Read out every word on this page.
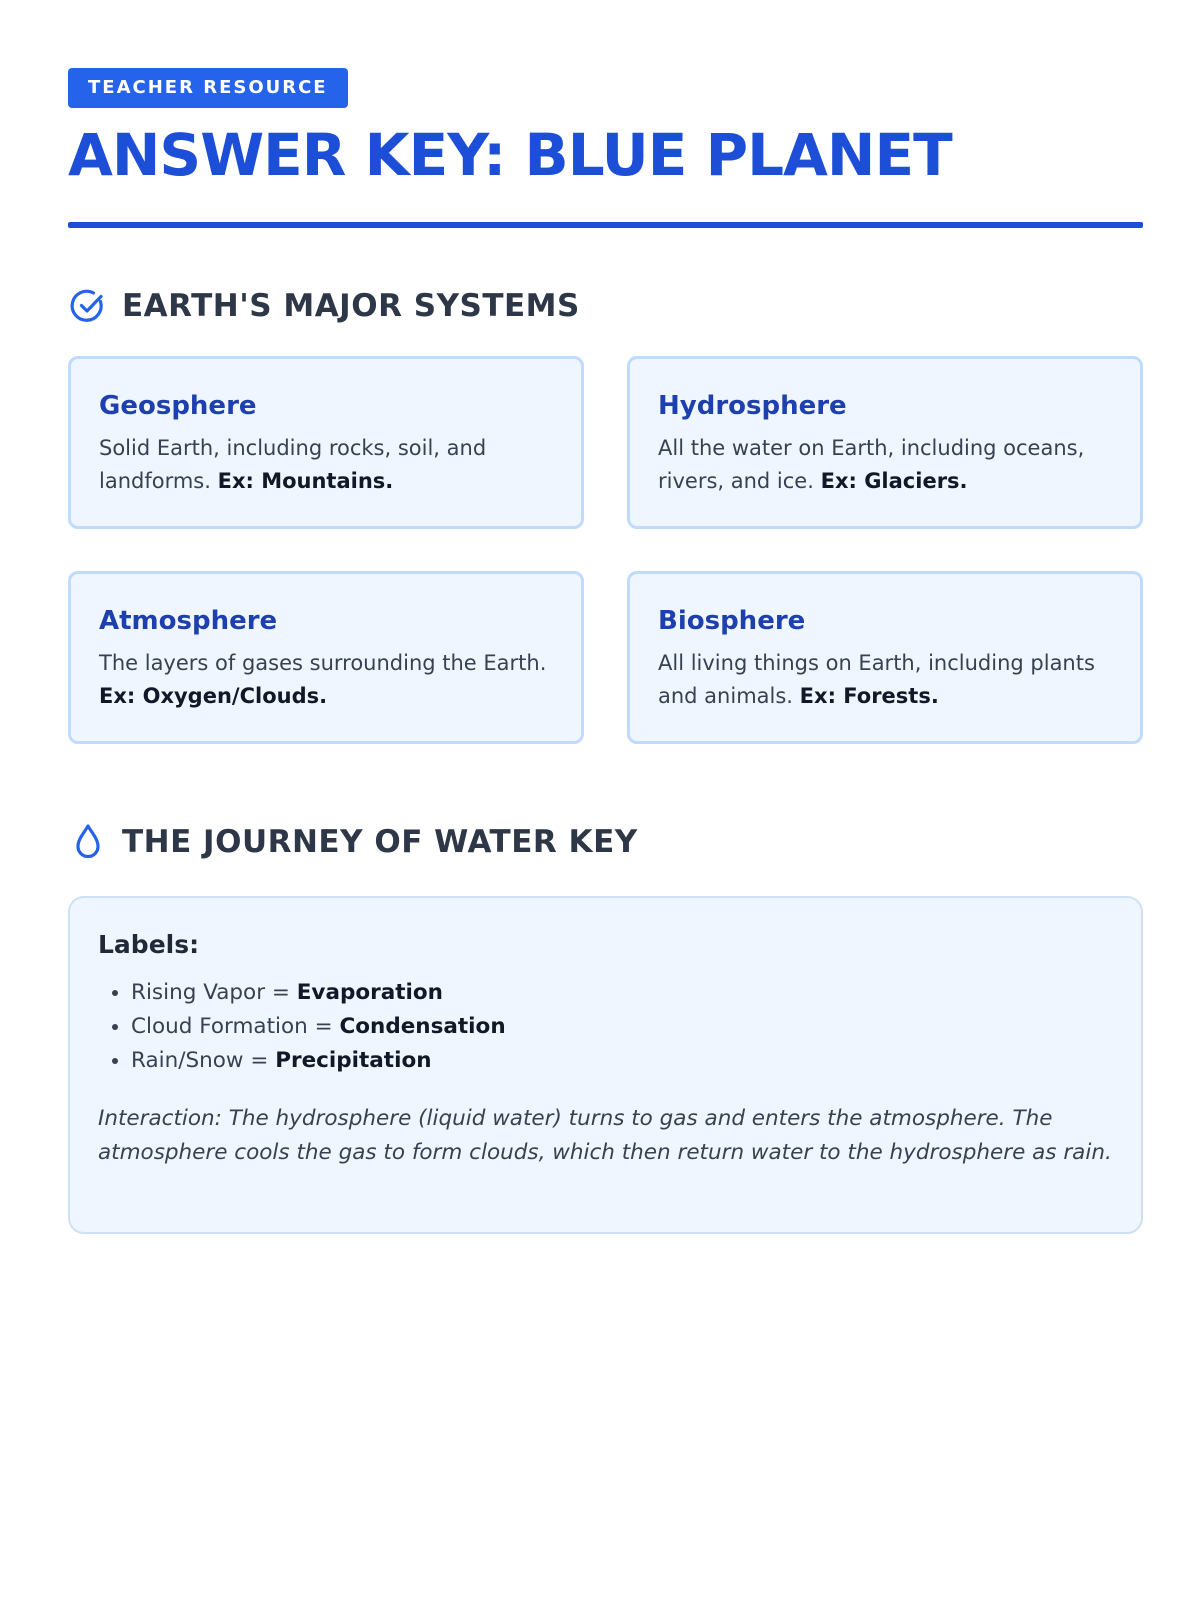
TEACHER RESOURCE
ANSWER KEY: BLUE PLANET
EARTH'S MAJOR SYSTEMS
Geosphere
Solid Earth, including rocks, soil, and landforms. Ex: Mountains.
Hydrosphere
All the water on Earth, including oceans, rivers, and ice. Ex: Glaciers.
Atmosphere
The layers of gases surrounding the Earth. Ex: Oxygen/Clouds.
Biosphere
All living things on Earth, including plants and animals. Ex: Forests.
THE JOURNEY OF WATER KEY
Labels:
• Rising Vapor = Evaporation
• Cloud Formation = Condensation
• Rain/Snow = Precipitation
Interaction: The hydrosphere (liquid water) turns to gas and enters the atmosphere. The atmosphere cools the gas to form clouds, which then return water to the hydrosphere as rain.
